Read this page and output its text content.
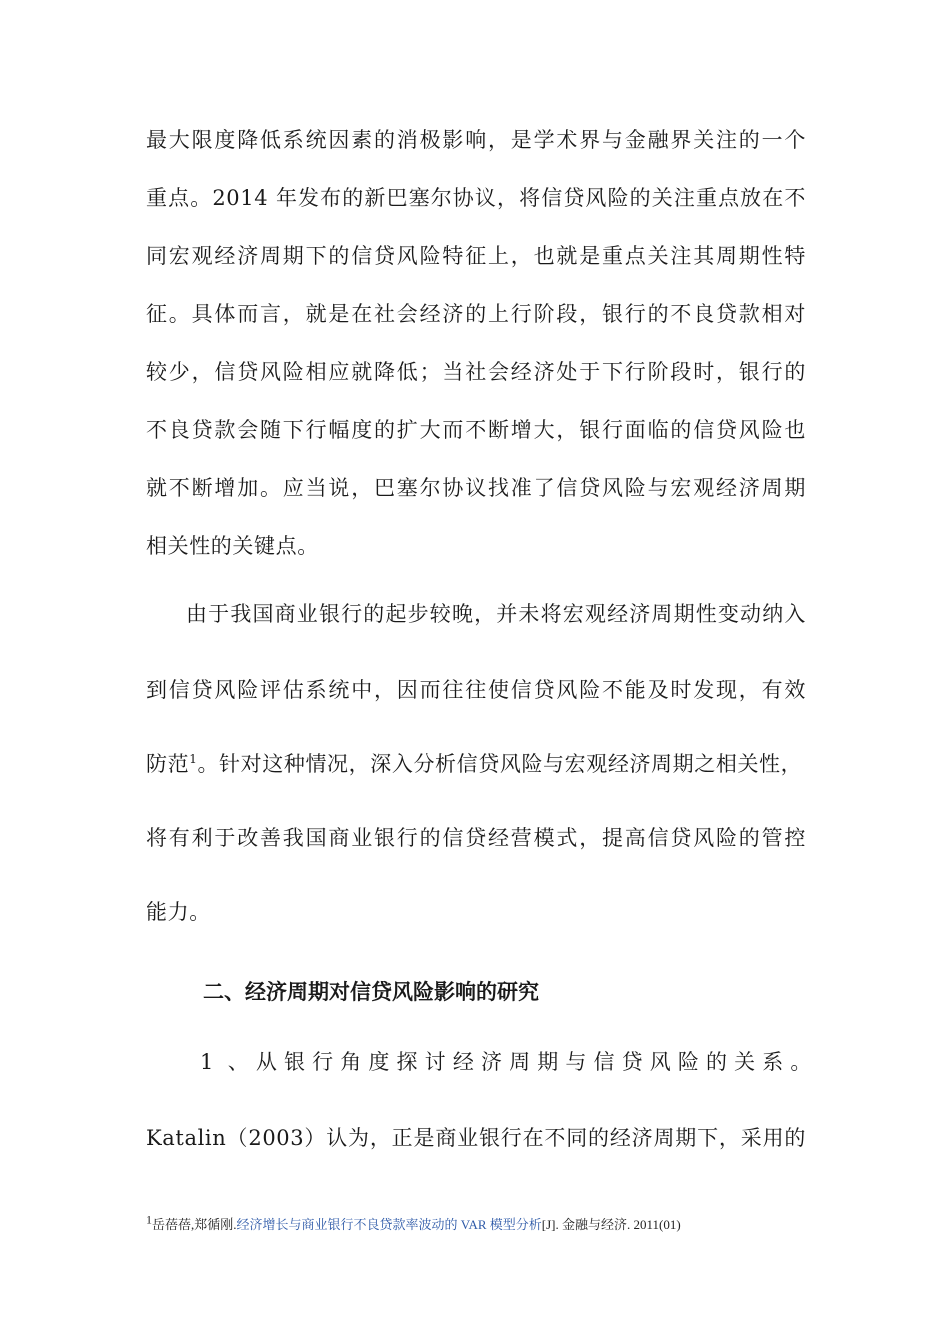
最大限度降低系统因素的消极影响，是学术界与金融界关注的一个
重点。2014 年发布的新巴塞尔协议，将信贷风险的关注重点放在不
同宏观经济周期下的信贷风险特征上，也就是重点关注其周期性特
征。具体而言，就是在社会经济的上行阶段，银行的不良贷款相对
较少，信贷风险相应就降低；当社会经济处于下行阶段时，银行的
不良贷款会随下行幅度的扩大而不断增大，银行面临的信贷风险也
就不断增加。应当说，巴塞尔协议找准了信贷风险与宏观经济周期
相关性的关键点。
由于我国商业银行的起步较晚，并未将宏观经济周期性变动纳入
到信贷风险评估系统中，因而往往使信贷风险不能及时发现，有效
防范$^1$。针对这种情况，深入分析信贷风险与宏观经济周期之相关性，
将有利于改善我国商业银行的信贷经营模式，提高信贷风险的管控
能力。
二、经济周期对信贷风险影响的研究
1 、从银行角度探讨经济周期与信贷风险的关系。
Katalin（2003）认为，正是商业银行在不同的经济周期下，采用的
$^1$岳蓓蓓,郑循刚.经济增长与商业银行不良贷款率波动的 VAR 模型分析[J]. 金融与经济. 2011(01)
